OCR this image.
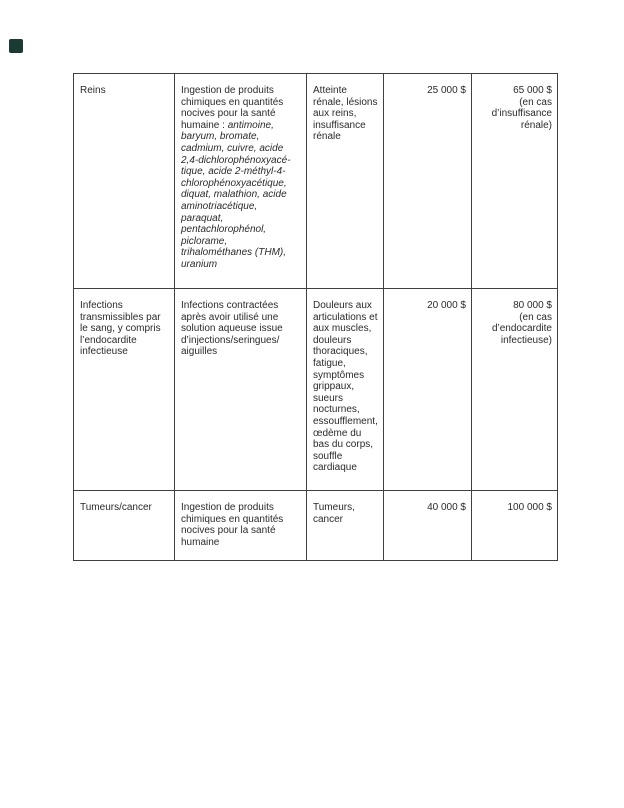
Reins	Ingestion de produits chimiques en quantités nocives pour la santé humaine : antimoine, baryum, bromate, cadmium, cuivre, acide 2,4-dichlorophénoxyacétique, acide 2-méthyl-4-​chlorophénoxyacétique, diquat, malathion, acide aminotriacétique, paraquat, pentachlorophénol, piclorame, trihalométhanes (THM), uranium	Atteinte rénale, lésions aux reins, insuffisance rénale	25 000 $	65 000 $
(en cas d’insuffisance rénale)

Infections transmissibles par le sang, y compris l’endocardite infectieuse	Infections contractées après avoir utilisé une solution aqueuse issue d’injections/seringues/​aiguilles	Douleurs aux articulations et aux muscles, douleurs thoraciques, fatigue, symptômes grippaux, sueurs nocturnes, essoufflement, œdème du bas du corps, souffle cardiaque	20 000 $	80 000 $
(en cas d’endocardite infectieuse)

Tumeurs/cancer	Ingestion de produits chimiques en quantités nocives pour la santé humaine	Tumeurs, cancer	40 000 $	100 000 $
